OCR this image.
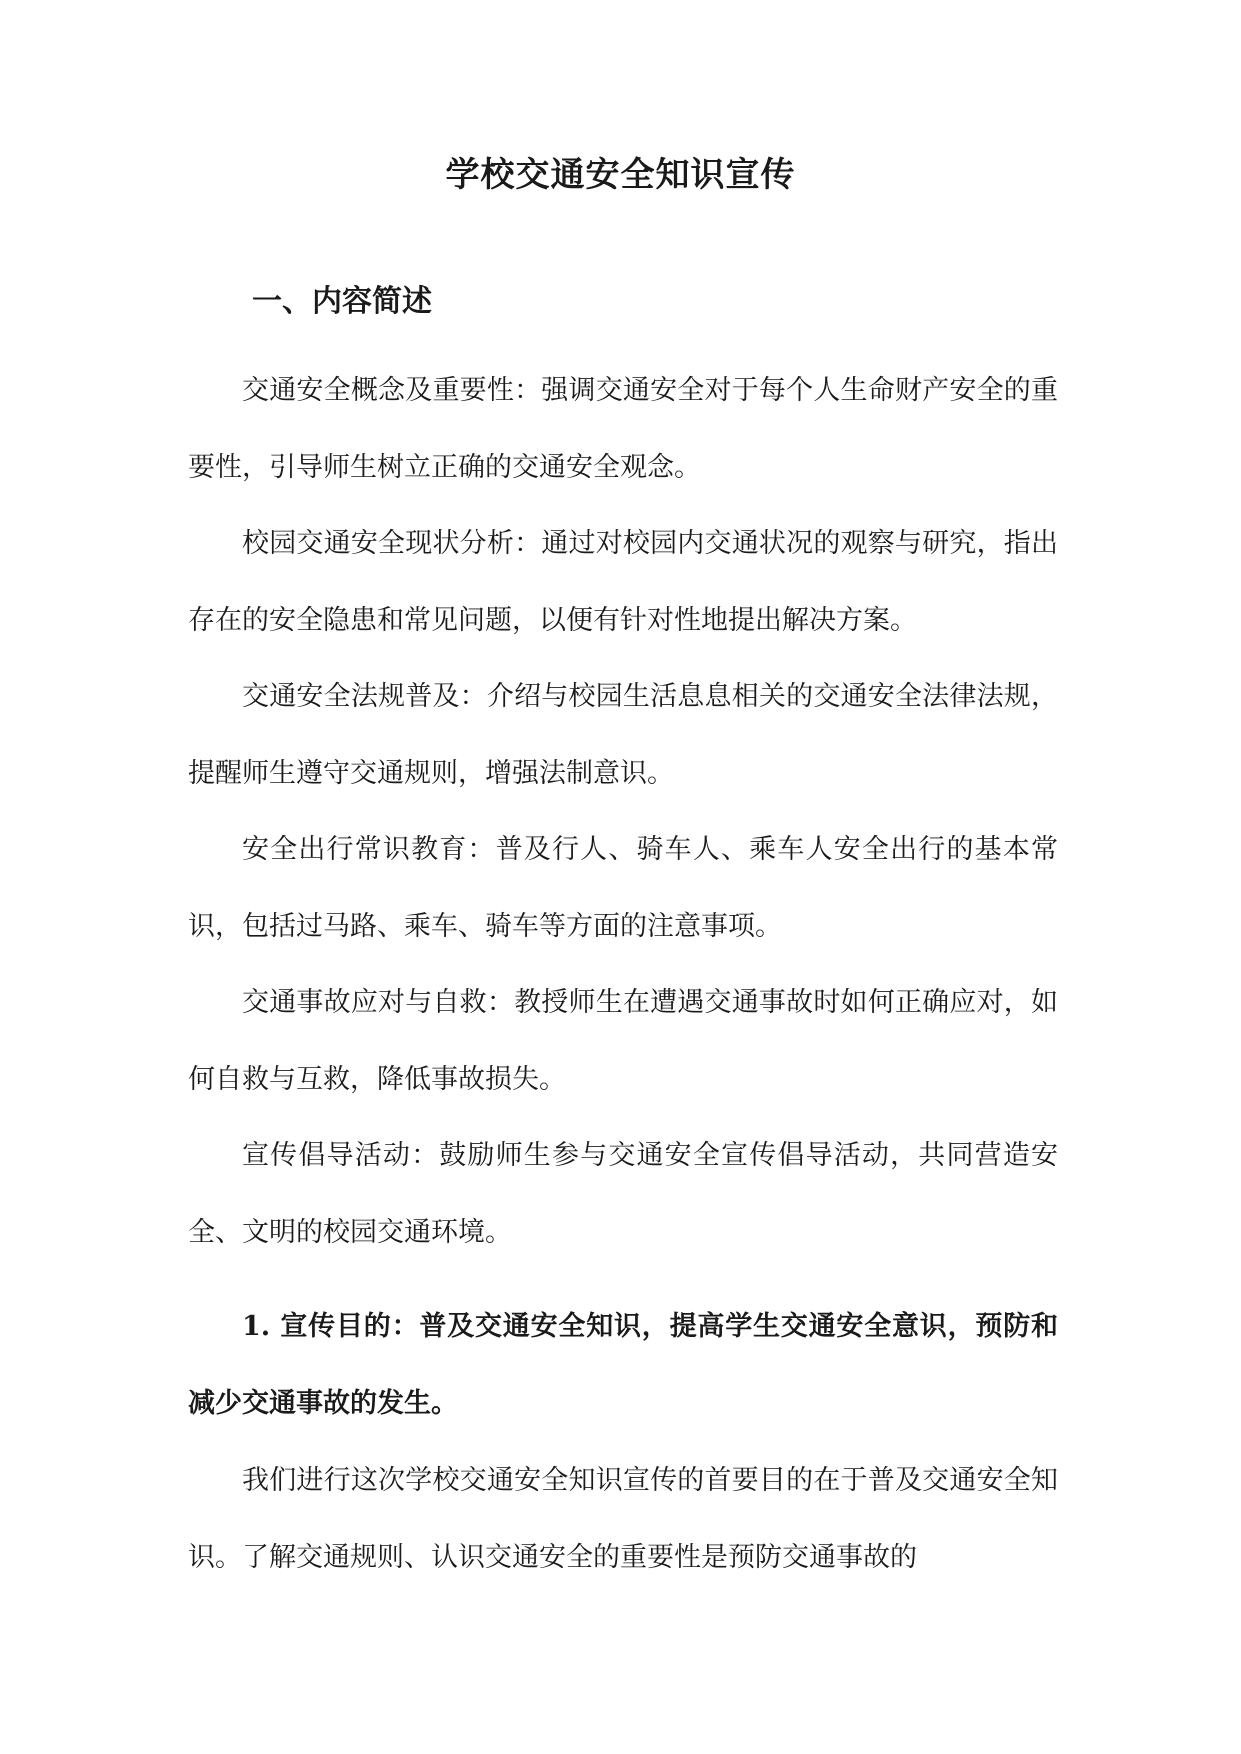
学校交通安全知识宣传
一、内容简述

交通安全概念及重要性：强调交通安全对于每个人生命财产安全的重要性，引导师生树立正确的交通安全观念。

校园交通安全现状分析：通过对校园内交通状况的观察与研究，指出存在的安全隐患和常见问题，以便有针对性地提出解决方案。

交通安全法规普及：介绍与校园生活息息相关的交通安全法律法规，提醒师生遵守交通规则，增强法制意识。

安全出行常识教育：普及行人、骑车人、乘车人安全出行的基本常识，包括过马路、乘车、骑车等方面的注意事项。

交通事故应对与自救：教授师生在遭遇交通事故时如何正确应对，如何自救与互救，降低事故损失。

宣传倡导活动：鼓励师生参与交通安全宣传倡导活动，共同营造安全、文明的校园交通环境。

1. 宣传目的：普及交通安全知识，提高学生交通安全意识，预防和减少交通事故的发生。

我们进行这次学校交通安全知识宣传的首要目的在于普及交通安全知识。了解交通规则、认识交通安全的重要性是预防交通事故的
